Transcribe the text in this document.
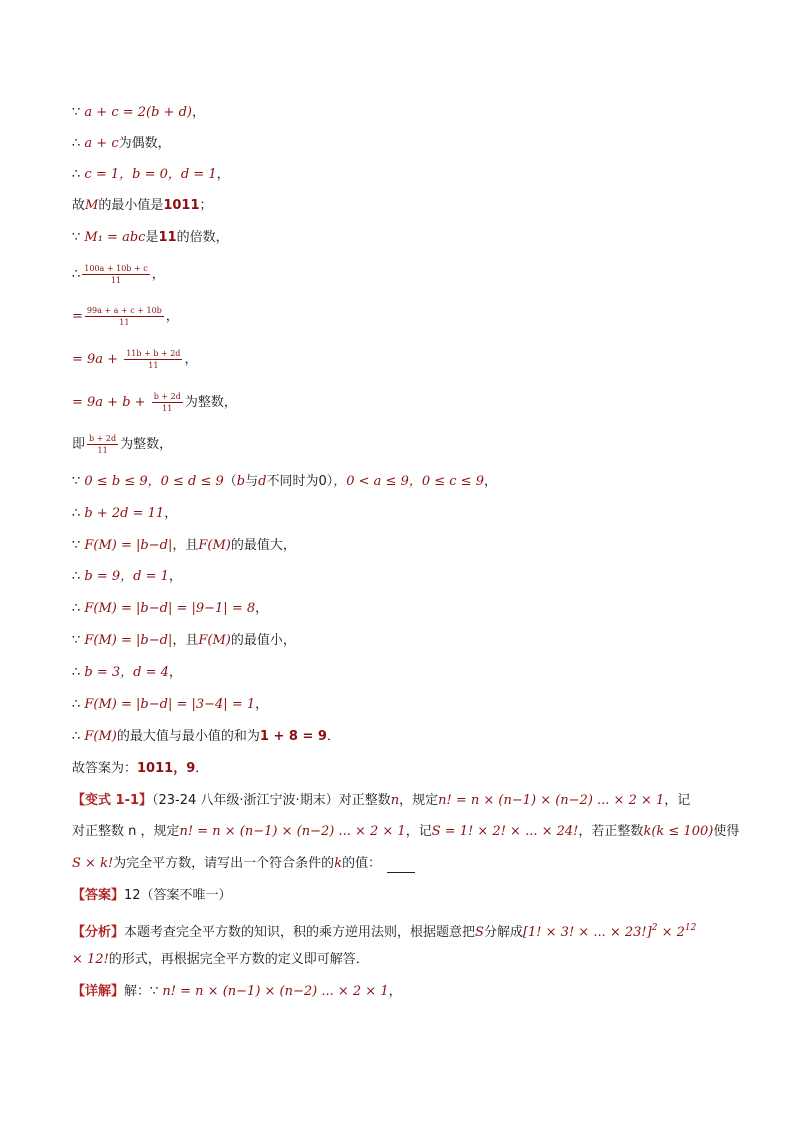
∵ a + c = 2(b + d)，
∴ a + c为偶数，
∴ c = 1，b = 0，d = 1，
故M的最小值是1011；
∵ M₁ = abc是11的倍数，
∴ $\frac{100a + 10b + c}{11}$ ，
= $\frac{99a + a + c + 10b}{11}$ ，
= $9a + \frac{11b + b + 2d}{11}$ ，
= $9a + b + \frac{b + 2d}{11}$ 为整数，
即 $\frac{b + 2d}{11}$ 为整数，
∵ 0 ≤ b ≤ 9，0 ≤ d ≤ 9（b与d不同时为0），0 < a ≤ 9，0 ≤ c ≤ 9，
∴ b + 2d = 11，
∵ F(M) = |b−d|，且F(M)的最值大，
∴ b = 9，d = 1，
∴ F(M) = |b−d| = |9−1| = 8，
∵ F(M) = |b−d|，且F(M)的最值小，
∴ b = 3，d = 4，
∴ F(M) = |b−d| = |3−4| = 1，
∴ F(M)的最大值与最小值的和为1 + 8 = 9．
故答案为：1011，9．
【变式 1-1】（23-24 八年级·浙江宁波·期末）对正整数n，规定n! = n × (n−1) × (n−2) ... × 2 × 1，记
对正整数 n ，规定n! = n × (n−1) × (n−2) ... × 2 × 1，记S = 1! × 2! × ... × 24!，若正整数k(k ≤ 100)使得
S × k!为完全平方数，请写出一个符合条件的k的值：
【答案】12（答案不唯一）
【分析】本题考查完全平方数的知识，积的乘方逆用法则，根据题意把S分解成[1! × 3! × ... × $23!]^2 \times 2^{12}$
× 12!的形式，再根据完全平方数的定义即可解答．
【详解】解：∵ n! = n × (n−1) × (n−2) ... × 2 × 1，
